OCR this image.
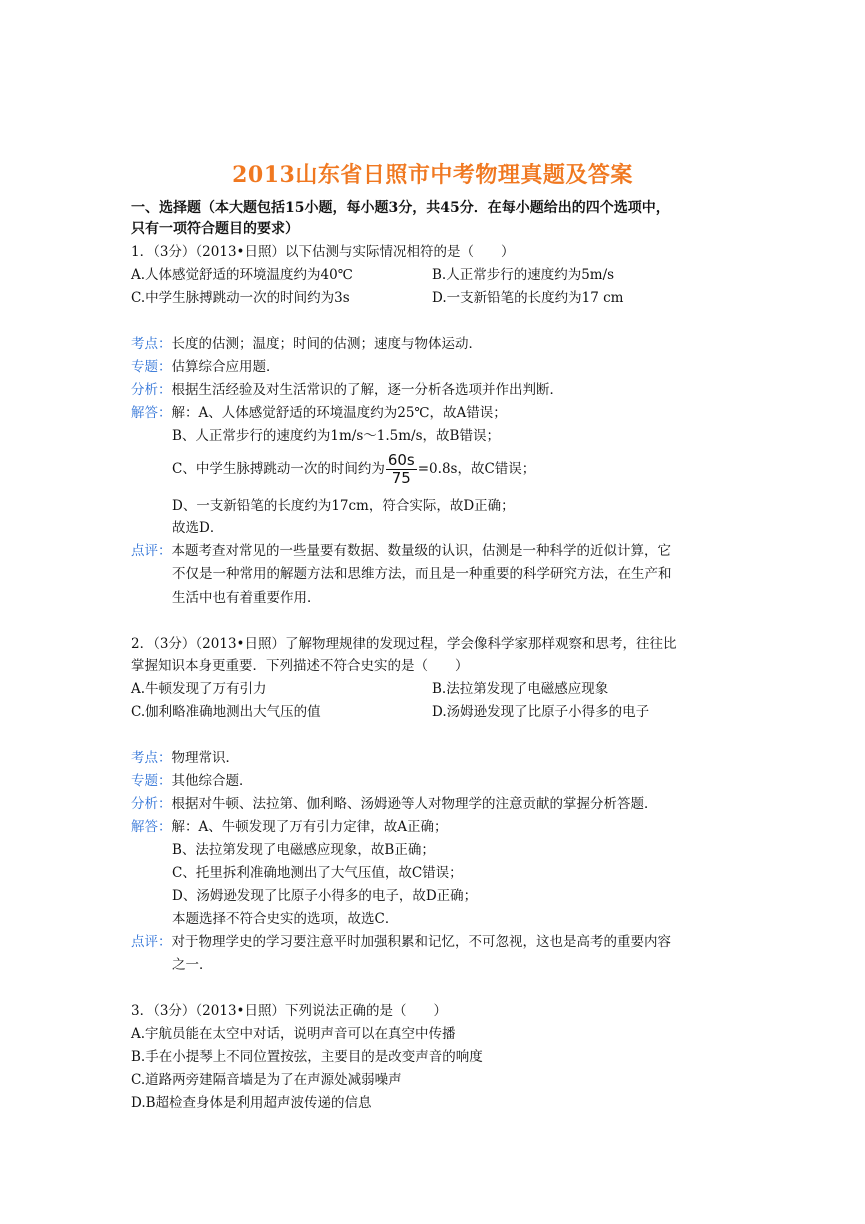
2013山东省日照市中考物理真题及答案
一、选择题（本大题包括15小题，每小题3分，共45分．在每小题给出的四个选项中，
只有一项符合题目的要求）
1．（3分）（2013•日照）以下估测与实际情况相符的是（　　）
A.人体感觉舒适的环境温度约为40℃	B.人正常步行的速度约为5m/s
C.中学生脉搏跳动一次的时间约为3s	D.一支新铅笔的长度约为17 cm
考点：长度的估测；温度；时间的估测；速度与物体运动．
专题：估算综合应用题．
分析：根据生活经验及对生活常识的了解，逐一分析各选项并作出判断．
解答：解：A、人体感觉舒适的环境温度约为25℃，故A错误；
B、人正常步行的速度约为1m/s～1.5m/s，故B错误；
C、中学生脉搏跳动一次的时间约为 $\frac{60s}{75} =0.8s$，故C错误；
D、一支新铅笔的长度约为17cm，符合实际，故D正确；
故选D．
点评：本题考查对常见的一些量要有数据、数量级的认识，估测是一种科学的近似计算，它
不仅是一种常用的解题方法和思维方法，而且是一种重要的科学研究方法，在生产和
生活中也有着重要作用．
2．（3分）（2013•日照）了解物理规律的发现过程，学会像科学家那样观察和思考，往往比
掌握知识本身更重要．下列描述不符合史实的是（　　）
A.牛顿发现了万有引力	B.法拉第发现了电磁感应现象
C.伽利略准确地测出大气压的值	D.汤姆逊发现了比原子小得多的电子
考点：物理常识．
专题：其他综合题．
分析：根据对牛顿、法拉第、伽利略、汤姆逊等人对物理学的注意贡献的掌握分析答题．
解答：解：A、牛顿发现了万有引力定律，故A正确；
B、法拉第发现了电磁感应现象，故B正确；
C、托里拆利准确地测出了大气压值，故C错误；
D、汤姆逊发现了比原子小得多的电子，故D正确；
本题选择不符合史实的选项，故选C．
点评：对于物理学史的学习要注意平时加强积累和记忆，不可忽视，这也是高考的重要内容
之一．
3．（3分）（2013•日照）下列说法正确的是（　　）
A.宇航员能在太空中对话，说明声音可以在真空中传播
B.手在小提琴上不同位置按弦，主要目的是改变声音的响度
C.道路两旁建隔音墙是为了在声源处减弱噪声
D.B超检查身体是利用超声波传递的信息
